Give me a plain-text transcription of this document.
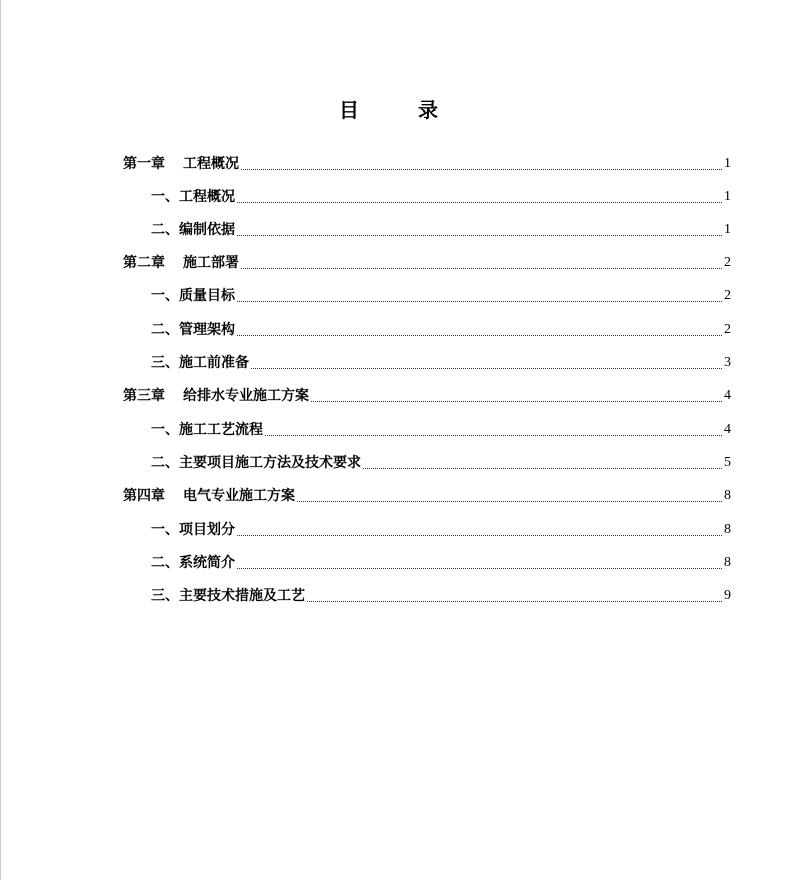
目 录
第一章 工程概况	1
一、工程概况	1
二、编制依据	1
第二章 施工部署	2
一、质量目标	2
二、管理架构	2
三、施工前准备	3
第三章 给排水专业施工方案	4
一、施工工艺流程	4
二、主要项目施工方法及技术要求	5
第四章 电气专业施工方案	8
一、项目划分	8
二、系统简介	8
三、主要技术措施及工艺	9
